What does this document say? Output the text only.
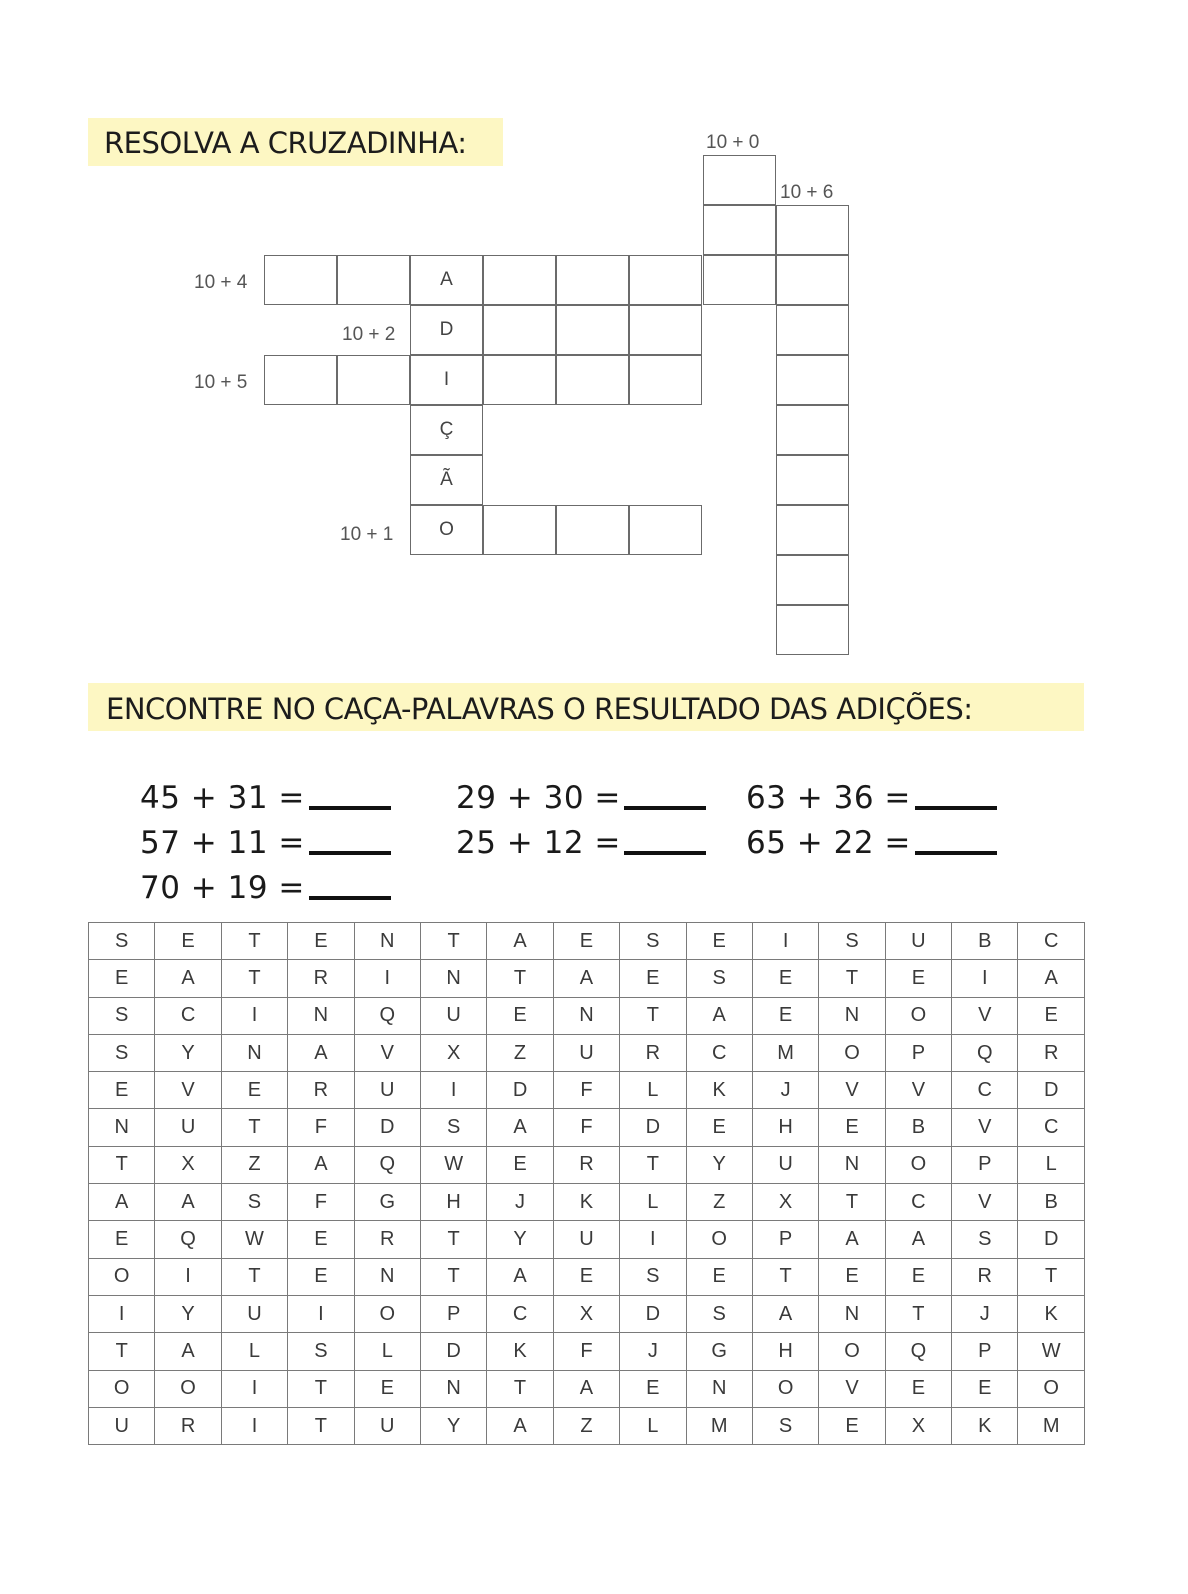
RESOLVA A CRUZADINHA:	10 + 0
10 + 6
10 + 4
10 + 2
10 + 5
10 + 1
A
D
I
Ç
Ã
O
ENCONTRE NO CAÇA-PALAVRAS O RESULTADO DAS ADIÇÕES:
45 + 31 =	29 + 30 =	63 + 36 =
57 + 11 =	25 + 12 =	65 + 22 =
70 + 19 =
S	E	T	E	N	T	A	E	S	E	I	S	U	B	C
E	A	T	R	I	N	T	A	E	S	E	T	E	I	A
S	C	I	N	Q	U	E	N	T	A	E	N	O	V	E
S	Y	N	A	V	X	Z	U	R	C	M	O	P	Q	R
E	V	E	R	U	I	D	F	L	K	J	V	V	C	D
N	U	T	F	D	S	A	F	D	E	H	E	B	V	C
T	X	Z	A	Q	W	E	R	T	Y	U	N	O	P	L
A	A	S	F	G	H	J	K	L	Z	X	T	C	V	B
E	Q	W	E	R	T	Y	U	I	O	P	A	A	S	D
O	I	T	E	N	T	A	E	S	E	T	E	E	R	T
I	Y	U	I	O	P	C	X	D	S	A	N	T	J	K
T	A	L	S	L	D	K	F	J	G	H	O	Q	P	W
O	O	I	T	E	N	T	A	E	N	O	V	E	E	O
U	R	I	T	U	Y	A	Z	L	M	S	E	X	K	M
